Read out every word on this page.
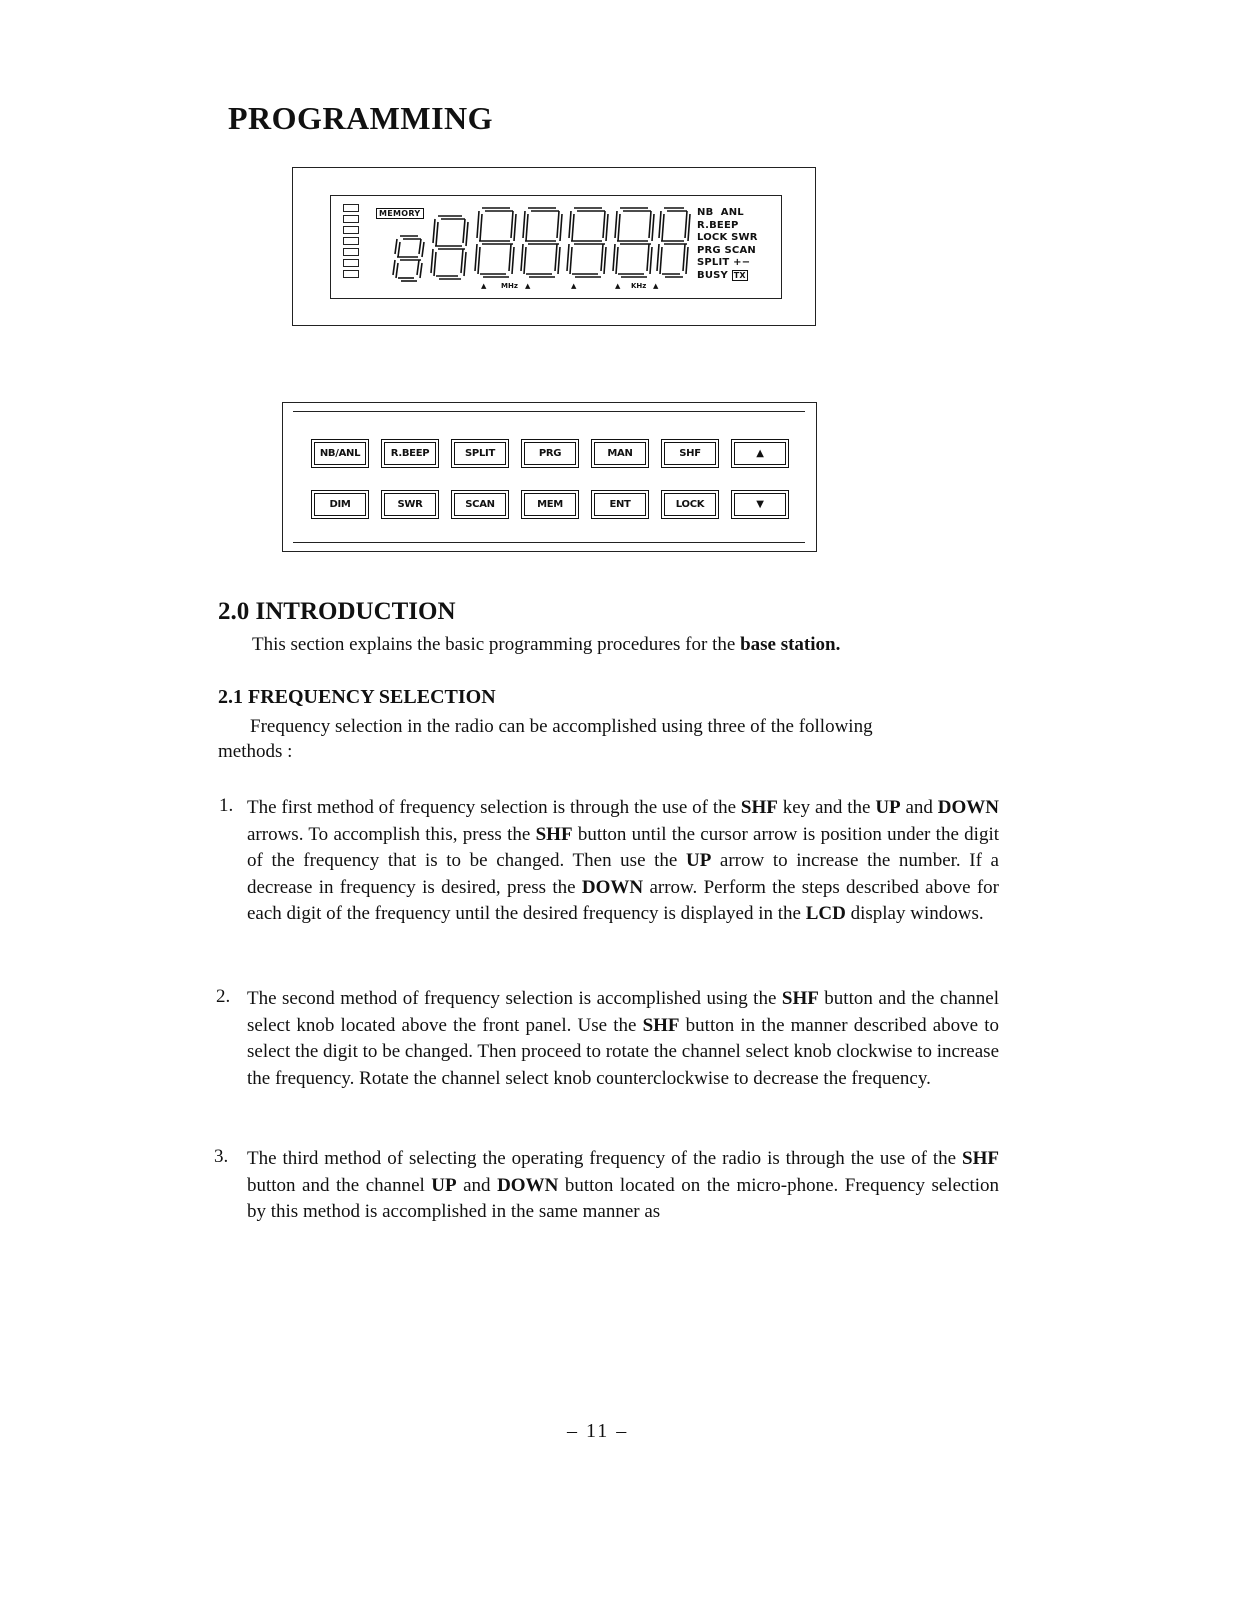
PROGRAMMING
MEMORY
▲ MHz ▲	▲	▲ KHz ▲
NB  ANL
R.BEEP
LOCK SWR
PRG SCAN
SPLIT +−
BUSY TX
NB/ANL	R.BEEP	SPLIT	PRG	MAN	SHF	▲
DIM	SWR	SCAN	MEM	ENT	LOCK	▼
2.0 INTRODUCTION

This section explains the basic programming procedures for the base station.

2.1 FREQUENCY SELECTION

Frequency selection in the radio can be accomplished using three of the following

methods :

1. The first method of frequency selection is through the use of the SHF key and the UP and DOWN arrows. To accomplish this, press the SHF button until the cursor arrow is position under the digit of the frequency that is to be changed. Then use the UP arrow to increase the number. If a decrease in frequency is desired, press the DOWN arrow. Perform the steps described above for each digit of the frequency until the desired frequency is displayed in the LCD display windows.

2. The second method of frequency selection is accomplished using the SHF button and the channel select knob located above the front panel. Use the SHF button in the manner described above to select the digit to be changed. Then proceed to rotate the channel select knob clockwise to increase the frequency. Rotate the channel select knob counterclockwise to decrease the frequency.

3. The third method of selecting the operating frequency of the radio is through the use of the SHF button and the channel UP and DOWN button located on the micro-phone. Frequency selection by this method is accomplished in the same manner as

– 11 –
